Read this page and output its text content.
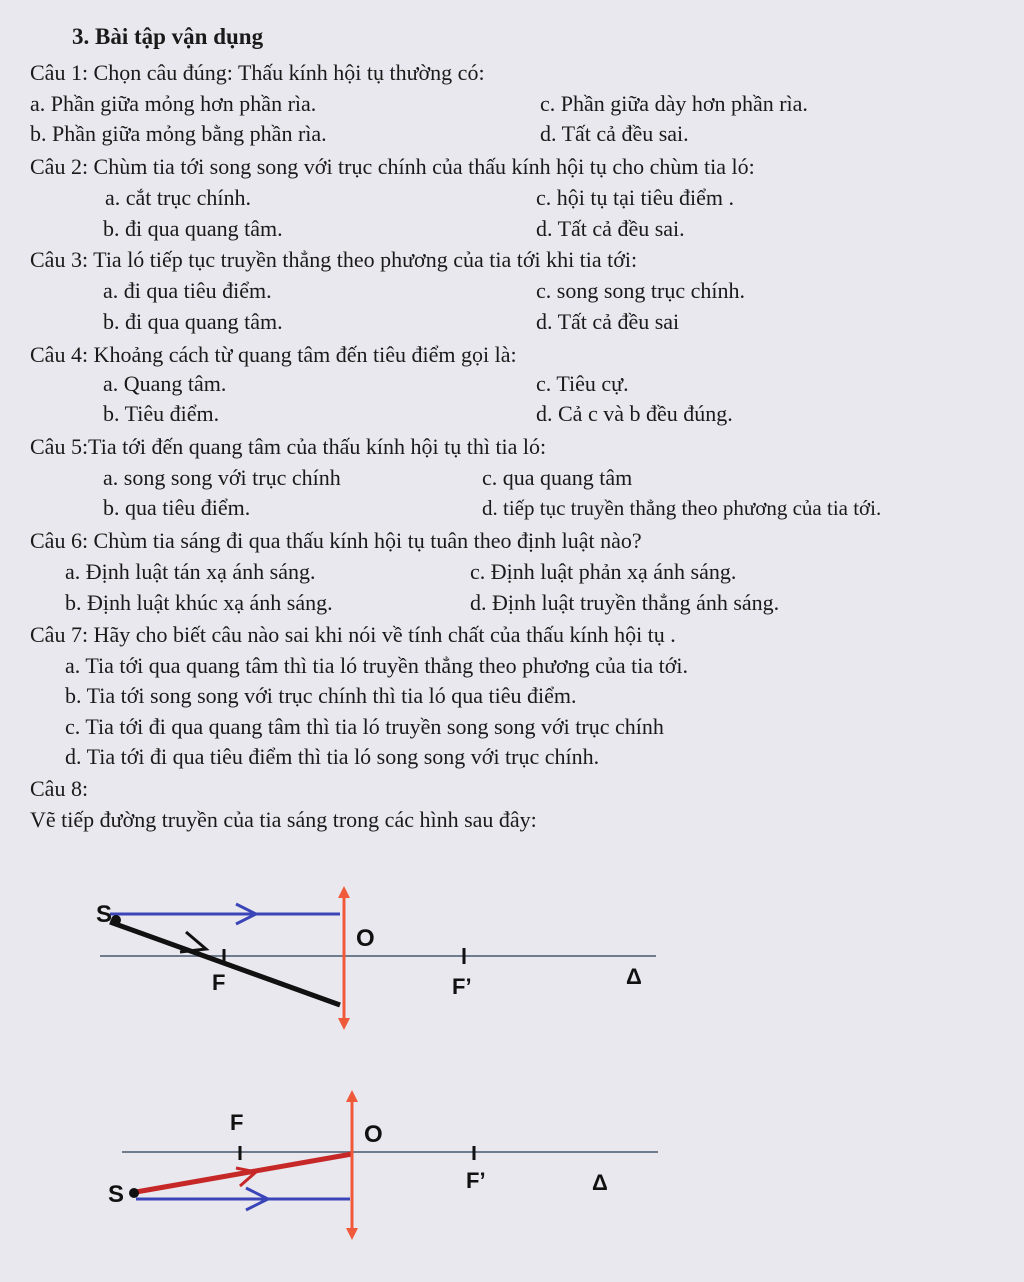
3. Bài tập vận dụng
Câu 1: Chọn câu đúng: Thấu kính hội tụ thường có:
a. Phần giữa mỏng hơn phần rìa.	c. Phần giữa dày hơn phần rìa.
b. Phần giữa mỏng bằng phần rìa.	d. Tất cả đều sai.
Câu 2: Chùm tia tới song song với trục chính của thấu kính hội tụ cho chùm tia ló:
a. cắt trục chính.	c. hội tụ tại tiêu điểm .
b. đi qua quang tâm.	d. Tất cả đều sai.
Câu 3: Tia ló tiếp tục truyền thẳng theo phương của tia tới khi tia tới:
a. đi qua tiêu điểm.	c. song song trục chính.
b. đi qua quang tâm.	d. Tất cả đều sai
Câu 4: Khoảng cách từ quang tâm đến tiêu điểm gọi là:
a. Quang tâm.	c. Tiêu cự.
b. Tiêu điểm.	d. Cả c và b đều đúng.
Câu 5:Tia tới đến quang tâm của thấu kính hội tụ thì tia ló:
a. song song với trục chính	c. qua quang tâm
b. qua tiêu điểm.	d. tiếp tục truyền thẳng theo phương của tia tới.
Câu 6: Chùm tia sáng đi qua thấu kính hội tụ tuân theo định luật nào?
a. Định luật tán xạ ánh sáng.	c. Định luật phản xạ ánh sáng.
b. Định luật khúc xạ ánh sáng.	d. Định luật truyền thẳng ánh sáng.
Câu 7: Hãy cho biết câu nào sai khi nói về tính chất của thấu kính hội tụ .
a. Tia tới qua quang tâm thì tia ló truyền thẳng theo phương của tia tới.
b. Tia tới song song với trục chính thì tia ló qua tiêu điểm.
c. Tia tới đi qua quang tâm thì tia ló truyền song song với trục chính
d. Tia tới đi qua tiêu điểm thì tia ló song song với trục chính.
Câu 8:
Vẽ tiếp đường truyền của tia sáng trong các hình sau đây:
S
O
F	F’	Δ
F	O
S
F’	Δ
